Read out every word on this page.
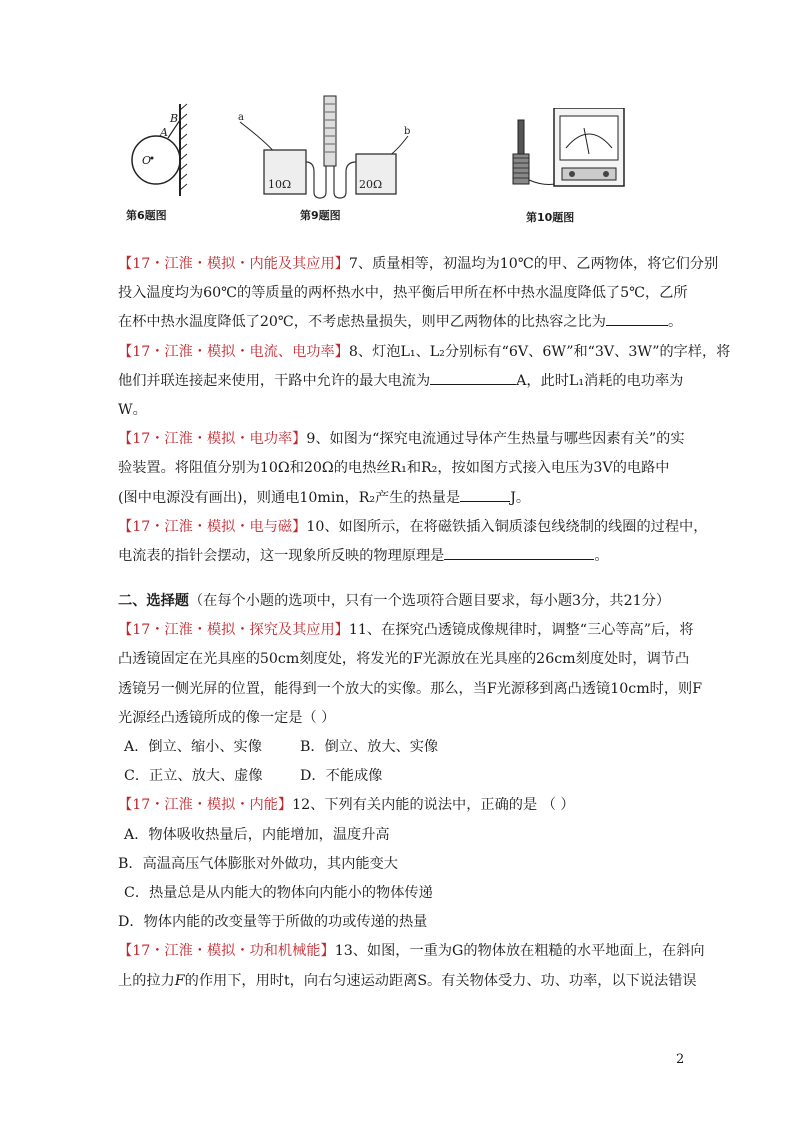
A
B
O
第6题图
a
b
10Ω	20Ω
第9题图	第10题图
【17・江淮・模拟・内能及其应用】7、质量相等，初温均为10℃的甲、乙两物体，将它们分别
投入温度均为60℃的等质量的两杯热水中，热平衡后甲所在杯中热水温度降低了5℃，乙所
在杯中热水温度降低了20℃，不考虑热量损失，则甲乙两物体的比热容之比为	。
【17・江淮・模拟・电流、电功率】8、灯泡L₁、L₂分别标有“6V、6W”和“3V、3W”的字样，将
他们并联连接起来使用，干路中允许的最大电流为	A，此时L₁消耗的电功率为
W。
【17・江淮・模拟・电功率】9、如图为“探究电流通过导体产生热量与哪些因素有关”的实
验装置。将阻值分别为10Ω和20Ω的电热丝R₁和R₂，按如图方式接入电压为3V的电路中
(图中电源没有画出)，则通电10min，R₂产生的热量是	J。
【17・江淮・模拟・电与磁】10、如图所示，在将磁铁插入铜质漆包线绕制的线圈的过程中，
电流表的指针会摆动，这一现象所反映的物理原理是	。
二、选择题（在每个小题的选项中，只有一个选项符合题目要求，每小题3分，共21分）
【17・江淮・模拟・探究及其应用】11、在探究凸透镜成像规律时，调整“三心等高”后，将
凸透镜固定在光具座的50cm刻度处，将发光的F光源放在光具座的26cm刻度处时，调节凸
透镜另一侧光屏的位置，能得到一个放大的实像。那么，当F光源移到离凸透镜10cm时，则F
光源经凸透镜所成的像一定是（ ）
A．倒立、缩小、实像	B．倒立、放大、实像
C．正立、放大、虚像	D．不能成像
【17・江淮・模拟・内能】12、下列有关内能的说法中，正确的是 （ ）
A．物体吸收热量后，内能增加，温度升高
B．高温高压气体膨胀对外做功，其内能变大
C．热量总是从内能大的物体向内能小的物体传递
D．物体内能的改变量等于所做的功或传递的热量
【17・江淮・模拟・功和机械能】13、如图，一重为G的物体放在粗糙的水平地面上，在斜向
上的拉力F的作用下，用时t，向右匀速运动距离S。有关物体受力、功、功率，以下说法错误
2
